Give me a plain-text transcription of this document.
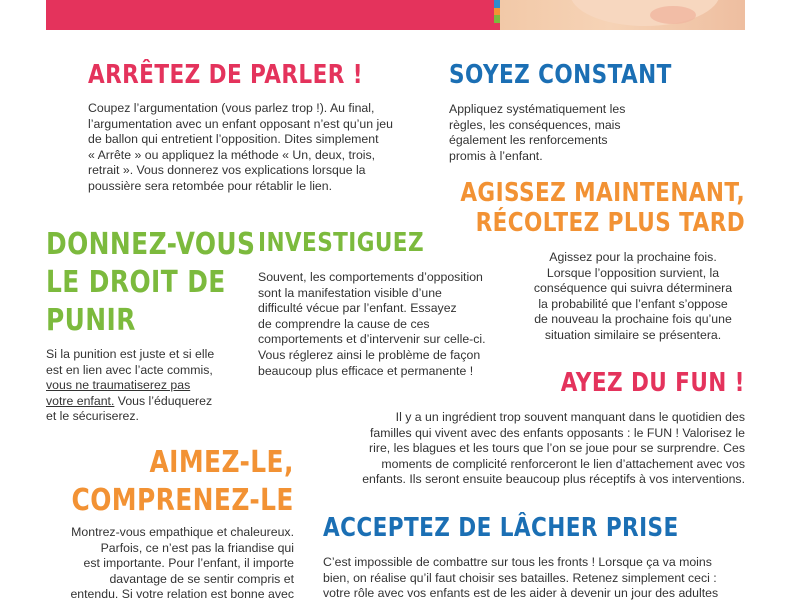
ARRÊTEZ DE PARLER !
Coupez l’argumentation (vous parlez trop !). Au final,
l’argumentation avec un enfant opposant n’est qu’un jeu
de ballon qui entretient l’opposition. Dites simplement
« Arrête » ou appliquez la méthode « Un, deux, trois,
retrait ». Vous donnerez vos explications lorsque la
poussière sera retombée pour rétablir le lien.
SOYEZ CONSTANT
Appliquez systématiquement les
règles, les conséquences, mais
également les renforcements
promis à l’enfant.
AGISSEZ MAINTENANT,
RÉCOLTEZ PLUS TARD
Agissez pour la prochaine fois.
Lorsque l’opposition survient, la
conséquence qui suivra déterminera
la probabilité que l’enfant s’oppose
de nouveau la prochaine fois qu’une
situation similaire se présentera.
DONNEZ-VOUS
LE DROIT DE
PUNIR
Si la punition est juste et si elle
est en lien avec l’acte commis,
vous ne traumatiserez pas
votre enfant. Vous l’éduquerez
et le sécuriserez.
INVESTIGUEZ
Souvent, les comportements d’opposition
sont la manifestation visible d’une
difficulté vécue par l’enfant. Essayez
de comprendre la cause de ces
comportements et d’intervenir sur celle-ci.
Vous réglerez ainsi le problème de façon
beaucoup plus efficace et permanente !	AYEZ DU FUN !
Il y a un ingrédient trop souvent manquant dans le quotidien des
familles qui vivent avec des enfants opposants : le FUN ! Valorisez le
rire, les blagues et les tours que l’on se joue pour se surprendre. Ces
moments de complicité renforceront le lien d’attachement avec vos
enfants. Ils seront ensuite beaucoup plus réceptifs à vos interventions.
AIMEZ-LE,
COMPRENEZ-LE
Montrez-vous empathique et chaleureux.
Parfois, ce n’est pas la friandise qui
est importante. Pour l’enfant, il importe
davantage de se sentir compris et
entendu. Si votre relation est bonne avec
ACCEPTEZ DE LÂCHER PRISE
C’est impossible de combattre sur tous les fronts ! Lorsque ça va moins
bien, on réalise qu’il faut choisir ses batailles. Retenez simplement ceci :
votre rôle avec vos enfants est de les aider à devenir un jour des adultes
